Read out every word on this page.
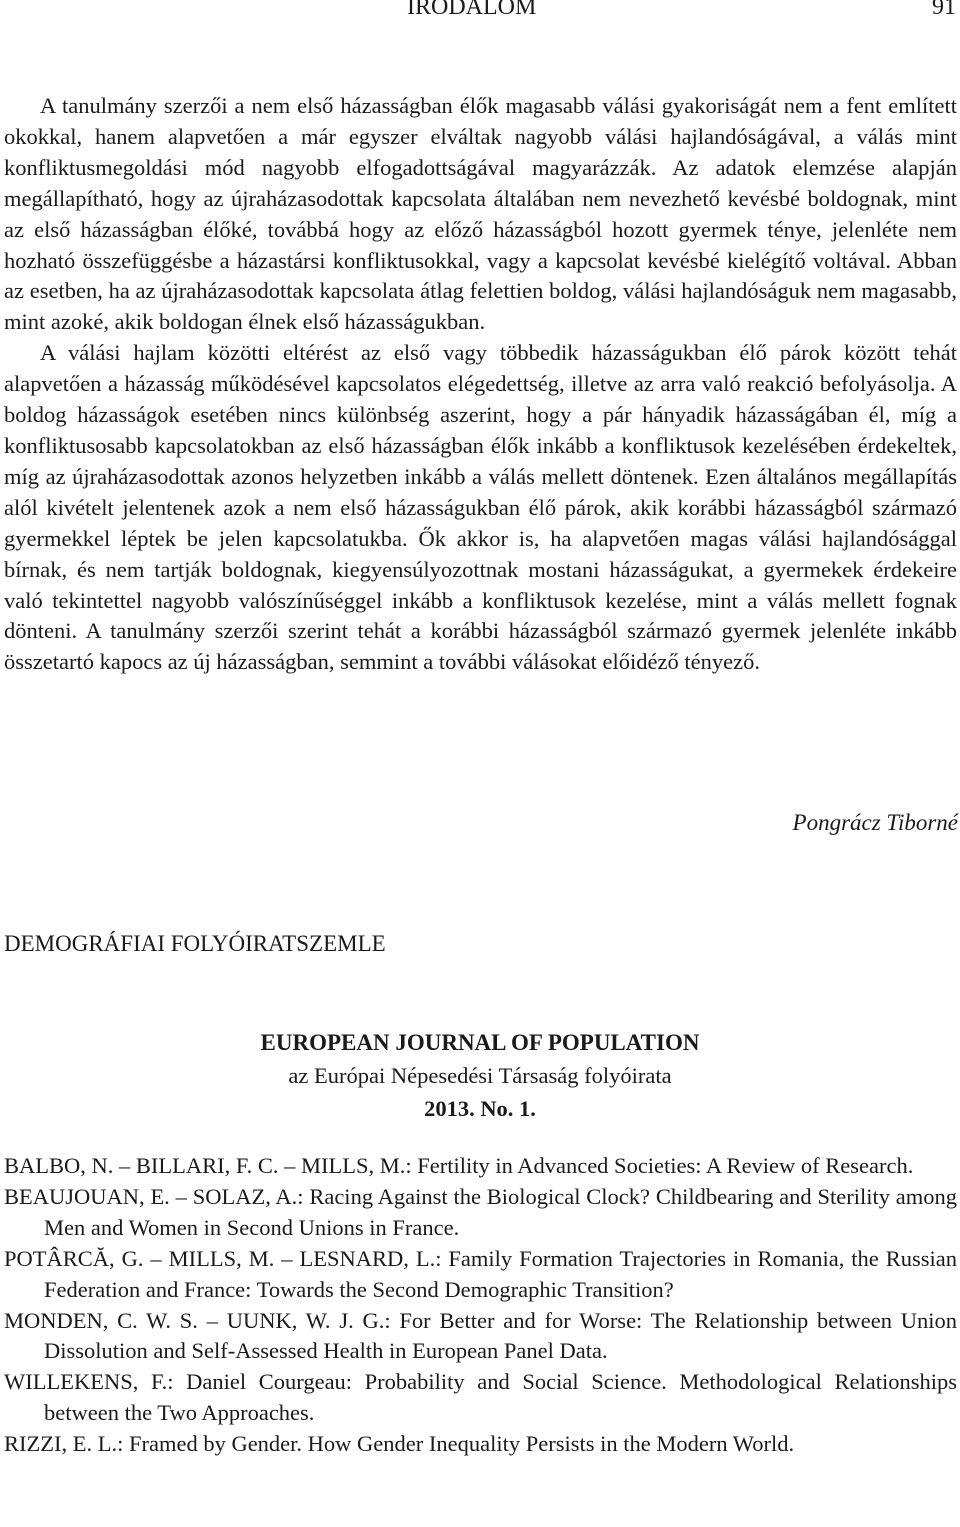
IRODALOM	91

A tanulmány szerzői a nem első házasságban élők magasabb válási gyakoriságát nem a fent említett okokkal, hanem alapvetően a már egyszer elváltak nagyobb válási hajlandóságával, a válás mint konfliktusmegoldási mód nagyobb elfogadottságával magyarázzák. Az adatok elemzése alapján megállapítható, hogy az újraházasodottak kapcsolata általában nem nevezhető kevésbé boldognak, mint az első házasságban élőké, továbbá hogy az előző házasságból hozott gyermek ténye, jelenléte nem hozható összefüggésbe a házastársi konfliktusokkal, vagy a kapcsolat kevésbé kielégítő voltával. Abban az esetben, ha az újraházasodottak kapcsolata átlag felettien boldog, válási hajlandóságuk nem magasabb, mint azoké, akik boldogan élnek első házasságukban.

A válási hajlam közötti eltérést az első vagy többedik házasságukban élő párok között tehát alapvetően a házasság működésével kapcsolatos elégedettség, illetve az arra való reakció befolyásolja. A boldog házasságok esetében nincs különbség aszerint, hogy a pár hányadik házasságában él, míg a konfliktusosabb kapcsolatokban az első házasságban élők inkább a konfliktusok kezelésében érdekeltek, míg az újraházasodottak azonos helyzetben inkább a válás mellett döntenek. Ezen általános megállapítás alól kivételt jelentenek azok a nem első házasságukban élő párok, akik korábbi házasságból származó gyermekkel léptek be jelen kapcsolatukba. Ők akkor is, ha alapvetően magas válási hajlandósággal bírnak, és nem tartják boldognak, kiegyensúlyozottnak mostani házasságukat, a gyermekek érdekeire való tekintettel nagyobb valószínűséggel inkább a konfliktusok kezelése, mint a válás mellett fognak dönteni. A tanulmány szerzői szerint tehát a korábbi házasságból származó gyermek jelenléte inkább összetartó kapocs az új házasságban, semmint a további válásokat előidéző tényező.

Pongrácz Tiborné
DEMOGRÁFIAI FOLYÓIRATSZEMLE
EUROPEAN JOURNAL OF POPULATION
az Európai Népesedési Társaság folyóirata
2013. No. 1.
BALBO, N. – BILLARI, F. C. – MILLS, M.: Fertility in Advanced Societies: A Review of Research.
BEAUJOUAN, E. – SOLAZ, A.: Racing Against the Biological Clock? Childbearing and Sterility among Men and Women in Second Unions in France.
POTÂRCĂ, G. – MILLS, M. – LESNARD, L.: Family Formation Trajectories in Romania, the Russian Federation and France: Towards the Second Demographic Transition?
MONDEN, C. W. S. – UUNK, W. J. G.: For Better and for Worse: The Relationship between Union Dissolution and Self-Assessed Health in European Panel Data.
WILLEKENS, F.: Daniel Courgeau: Probability and Social Science. Methodological Relationships between the Two Approaches.
RIZZI, E. L.: Framed by Gender. How Gender Inequality Persists in the Modern World.
